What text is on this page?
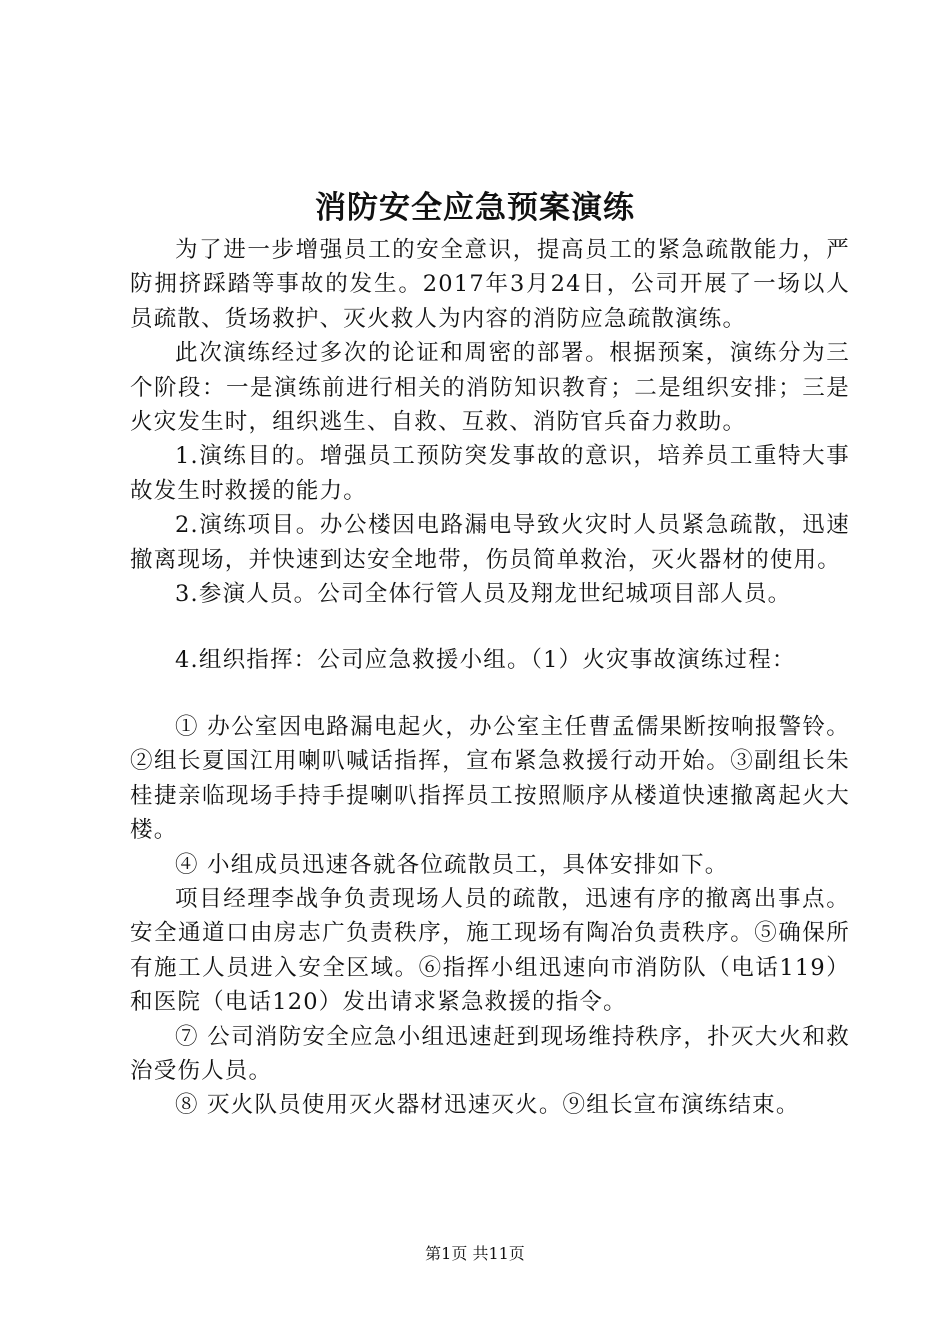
消防安全应急预案演练

为了进一步增强员工的安全意识，提高员工的紧急疏散能力，严防拥挤踩踏等事故的发生。2017年3月24日，公司开展了一场以人员疏散、货场救护、灭火救人为内容的消防应急疏散演练。

此次演练经过多次的论证和周密的部署。根据预案，演练分为三个阶段：一是演练前进行相关的消防知识教育；二是组织安排；三是火灾发生时，组织逃生、自救、互救、消防官兵奋力救助。

1.演练目的。增强员工预防突发事故的意识，培养员工重特大事故发生时救援的能力。

2.演练项目。办公楼因电路漏电导致火灾时人员紧急疏散，迅速撤离现场，并快速到达安全地带，伤员简单救治，灭火器材的使用。

3.参演人员。公司全体行管人员及翔龙世纪城项目部人员。

4.组织指挥：公司应急救援小组。（1）火灾事故演练过程：

① 办公室因电路漏电起火，办公室主任曹孟儒果断按响报警铃。②组长夏国江用喇叭喊话指挥，宣布紧急救援行动开始。③副组长朱桂捷亲临现场手持手提喇叭指挥员工按照顺序从楼道快速撤离起火大楼。

④ 小组成员迅速各就各位疏散员工，具体安排如下。

项目经理李战争负责现场人员的疏散，迅速有序的撤离出事点。安全通道口由房志广负责秩序，施工现场有陶冶负责秩序。⑤确保所有施工人员进入安全区域。⑥指挥小组迅速向市消防队（电话119）和医院（电话120）发出请求紧急救援的指令。

⑦ 公司消防安全应急小组迅速赶到现场维持秩序，扑灭大火和救治受伤人员。

⑧ 灭火队员使用灭火器材迅速灭火。⑨组长宣布演练结束。

第1页 共11页
